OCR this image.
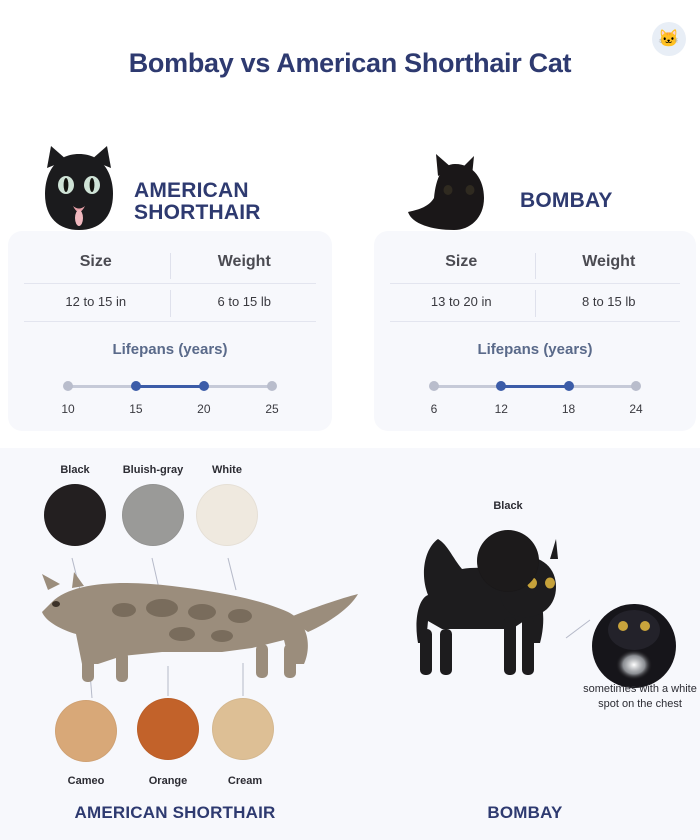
Bombay vs American Shorthair Cat
AMERICAN
SHORTHAIR
Size	Weight
12 to 15 in	6 to 15 lb
Lifepans (years)
10	15	20	25
BOMBAY
Size	Weight
13 to 20 in	8 to 15 lb
Lifepans (years)
6	12	18	24
🐱
Black	Bluish-gray	White
Cameo	Orange	Cream
Black
sometimes with a white spot on the chest
AMERICAN SHORTHAIR	BOMBAY
